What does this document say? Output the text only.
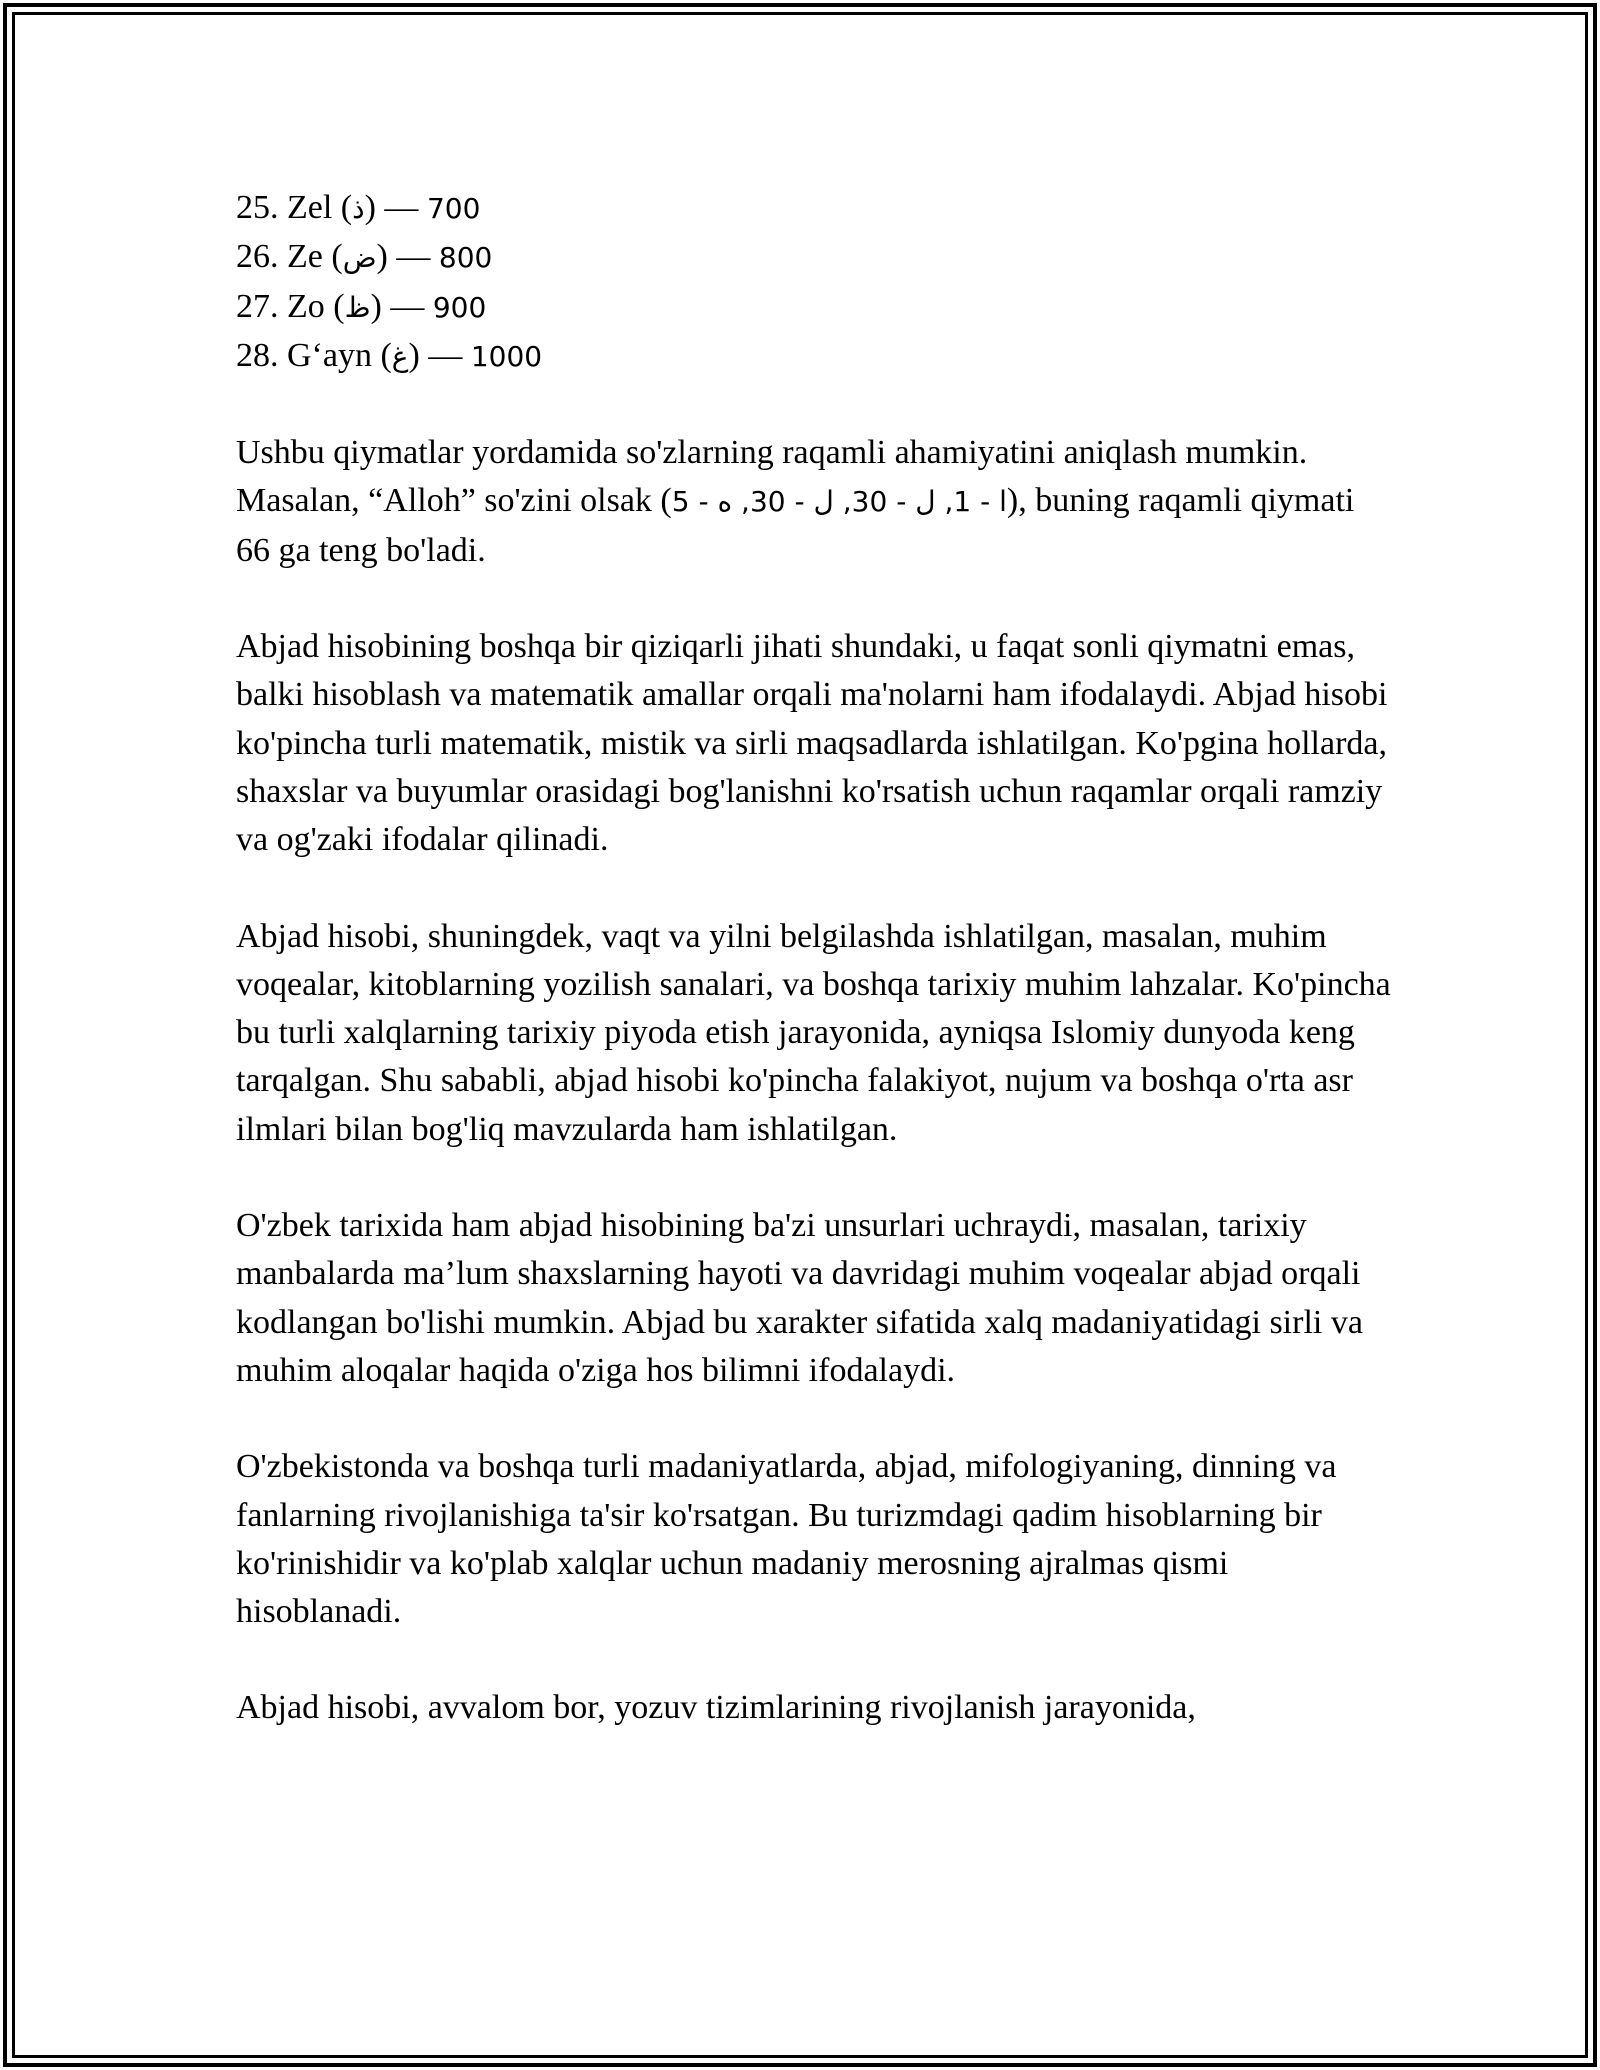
25. Zel (ذ) — 700

26. Ze (ض) — 800

27. Zo (ظ) — 900

28. G‘ayn (غ) — 1000

Ushbu qiymatlar yordamida so'zlarning raqamli ahamiyatini aniqlash mumkin. Masalan, “Alloh” so'zini olsak (ا - 1, ل - 30, ل - 30, ه - 5), buning raqamli qiymati 66 ga teng bo'ladi.

Abjad hisobining boshqa bir qiziqarli jihati shundaki, u faqat sonli qiymatni emas, balki hisoblash va matematik amallar orqali ma'nolarni ham ifodalaydi. Abjad hisobi ko'pincha turli matematik, mistik va sirli maqsadlarda ishlatilgan. Ko'pgina hollarda, shaxslar va buyumlar orasidagi bog'lanishni ko'rsatish uchun raqamlar orqali ramziy va og'zaki ifodalar qilinadi.

Abjad hisobi, shuningdek, vaqt va yilni belgilashda ishlatilgan, masalan, muhim voqealar, kitoblarning yozilish sanalari, va boshqa tarixiy muhim lahzalar. Ko'pincha bu turli xalqlarning tarixiy piyoda etish jarayonida, ayniqsa Islomiy dunyoda keng tarqalgan. Shu sababli, abjad hisobi ko'pincha falakiyot, nujum va boshqa o'rta asr ilmlari bilan bog'liq mavzularda ham ishlatilgan.

O'zbek tarixida ham abjad hisobining ba'zi unsurlari uchraydi, masalan, tarixiy manbalarda ma’lum shaxslarning hayoti va davridagi muhim voqealar abjad orqali kodlangan bo'lishi mumkin. Abjad bu xarakter sifatida xalq madaniyatidagi sirli va muhim aloqalar haqida o'ziga hos bilimni ifodalaydi.

O'zbekistonda va boshqa turli madaniyatlarda, abjad, mifologiyaning, dinning va fanlarning rivojlanishiga ta'sir ko'rsatgan. Bu turizmdagi qadim hisoblarning bir ko'rinishidir va ko'plab xalqlar uchun madaniy merosning ajralmas qismi hisoblanadi.

Abjad hisobi, avvalom bor, yozuv tizimlarining rivojlanish jarayonida,
